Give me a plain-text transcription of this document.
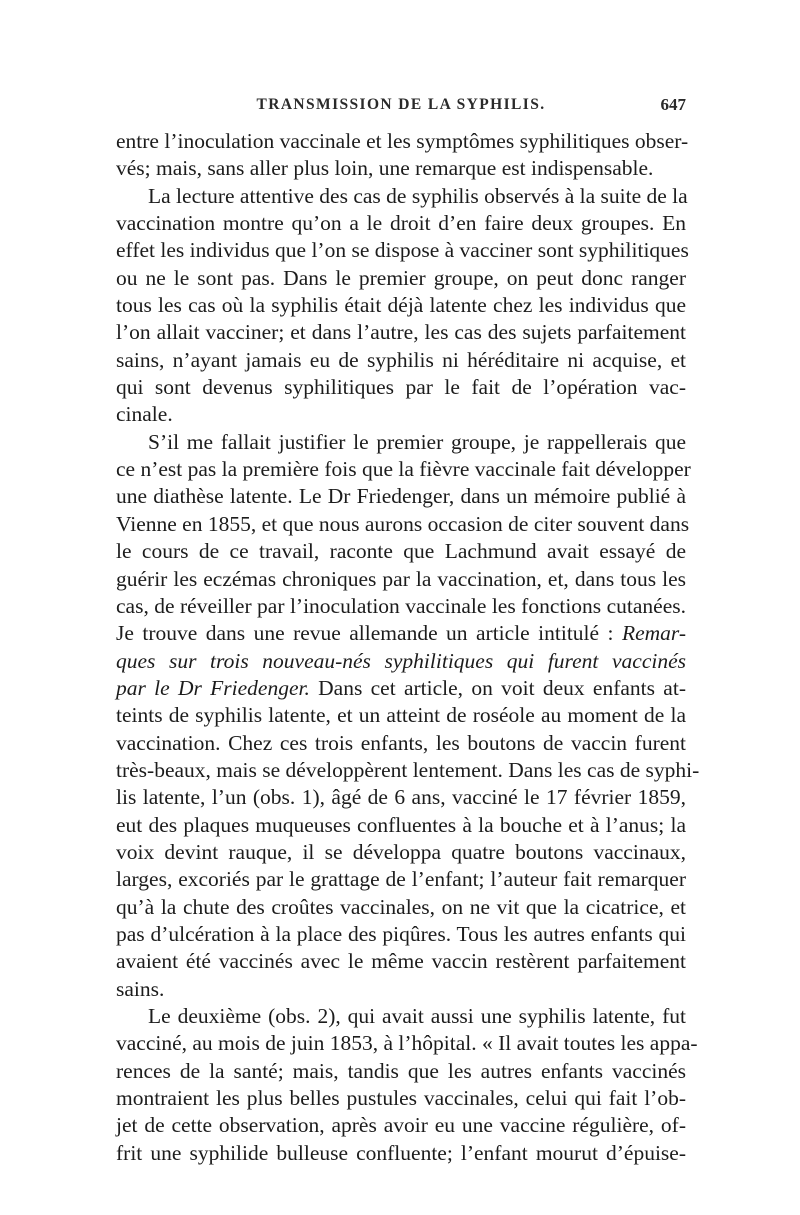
TRANSMISSION DE LA SYPHILIS.	647
entre l’inoculation vaccinale et les symptômes syphilitiques obser-
vés; mais, sans aller plus loin, une remarque est indispensable.
La lecture attentive des cas de syphilis observés à la suite de la
vaccination montre qu’on a le droit d’en faire deux groupes. En
effet les individus que l’on se dispose à vacciner sont syphilitiques
ou ne le sont pas. Dans le premier groupe, on peut donc ranger
tous les cas où la syphilis était déjà latente chez les individus que
l’on allait vacciner; et dans l’autre, les cas des sujets parfaitement
sains, n’ayant jamais eu de syphilis ni héréditaire ni acquise, et
qui sont devenus syphilitiques par le fait de l’opération vac-
cinale.
S’il me fallait justifier le premier groupe, je rappellerais que
ce n’est pas la première fois que la fièvre vaccinale fait développer
une diathèse latente. Le Dr Friedenger, dans un mémoire publié à
Vienne en 1855, et que nous aurons occasion de citer souvent dans
le cours de ce travail, raconte que Lachmund avait essayé de
guérir les eczémas chroniques par la vaccination, et, dans tous les
cas, de réveiller par l’inoculation vaccinale les fonctions cutanées.
Je trouve dans une revue allemande un article intitulé : Remar-
ques sur trois nouveau-nés syphilitiques qui furent vaccinés
par le Dr Friedenger. Dans cet article, on voit deux enfants at-
teints de syphilis latente, et un atteint de roséole au moment de la
vaccination. Chez ces trois enfants, les boutons de vaccin furent
très-beaux, mais se développèrent lentement. Dans les cas de syphi-
lis latente, l’un (obs. 1), âgé de 6 ans, vacciné le 17 février 1859,
eut des plaques muqueuses confluentes à la bouche et à l’anus; la
voix devint rauque, il se développa quatre boutons vaccinaux,
larges, excoriés par le grattage de l’enfant; l’auteur fait remarquer
qu’à la chute des croûtes vaccinales, on ne vit que la cicatrice, et
pas d’ulcération à la place des piqûres. Tous les autres enfants qui
avaient été vaccinés avec le même vaccin restèrent parfaitement
sains.
Le deuxième (obs. 2), qui avait aussi une syphilis latente, fut
vacciné, au mois de juin 1853, à l’hôpital. « Il avait toutes les appa-
rences de la santé; mais, tandis que les autres enfants vaccinés
montraient les plus belles pustules vaccinales, celui qui fait l’ob-
jet de cette observation, après avoir eu une vaccine régulière, of-
frit une syphilide bulleuse confluente; l’enfant mourut d’épuise-
